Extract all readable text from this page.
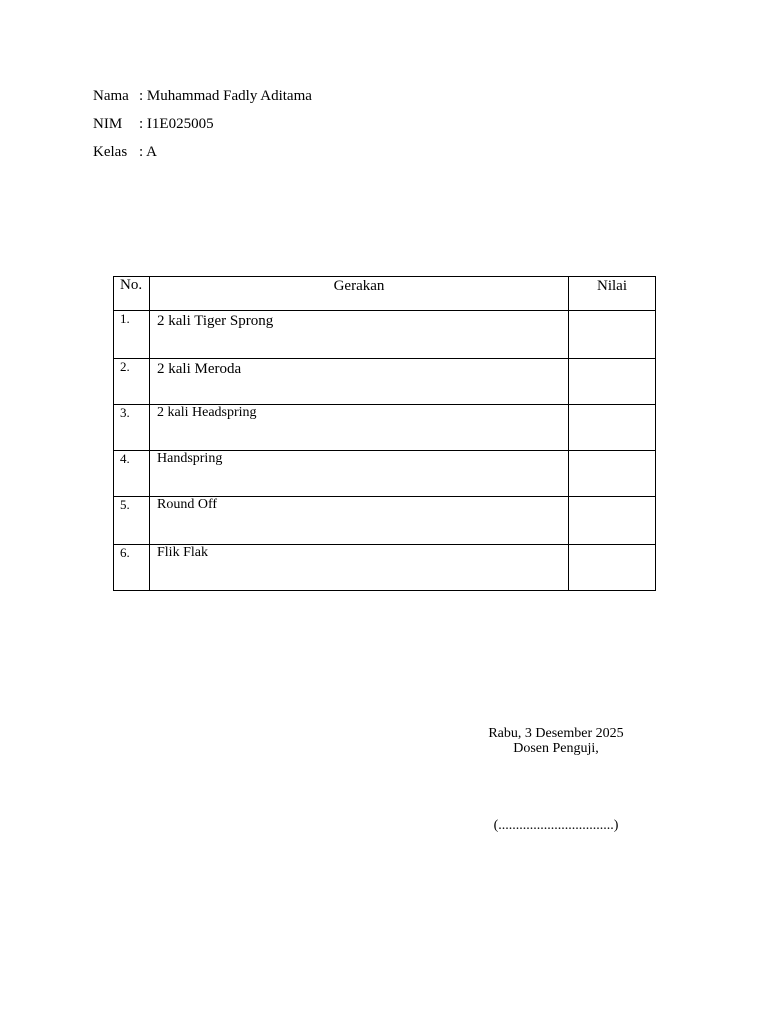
Nama : Muhammad Fadly Aditama
NIM : I1E025005
Kelas : A
No.	Gerakan	Nilai
1.	2 kali Tiger Sprong	

2.	2 kali Meroda	

3.	2 kali Headspring	

4.	Handspring	

5.	Round Off	

6.	Flik Flak	

Rabu, 3 Desember 2025
Dosen Penguji,
(.................................)
